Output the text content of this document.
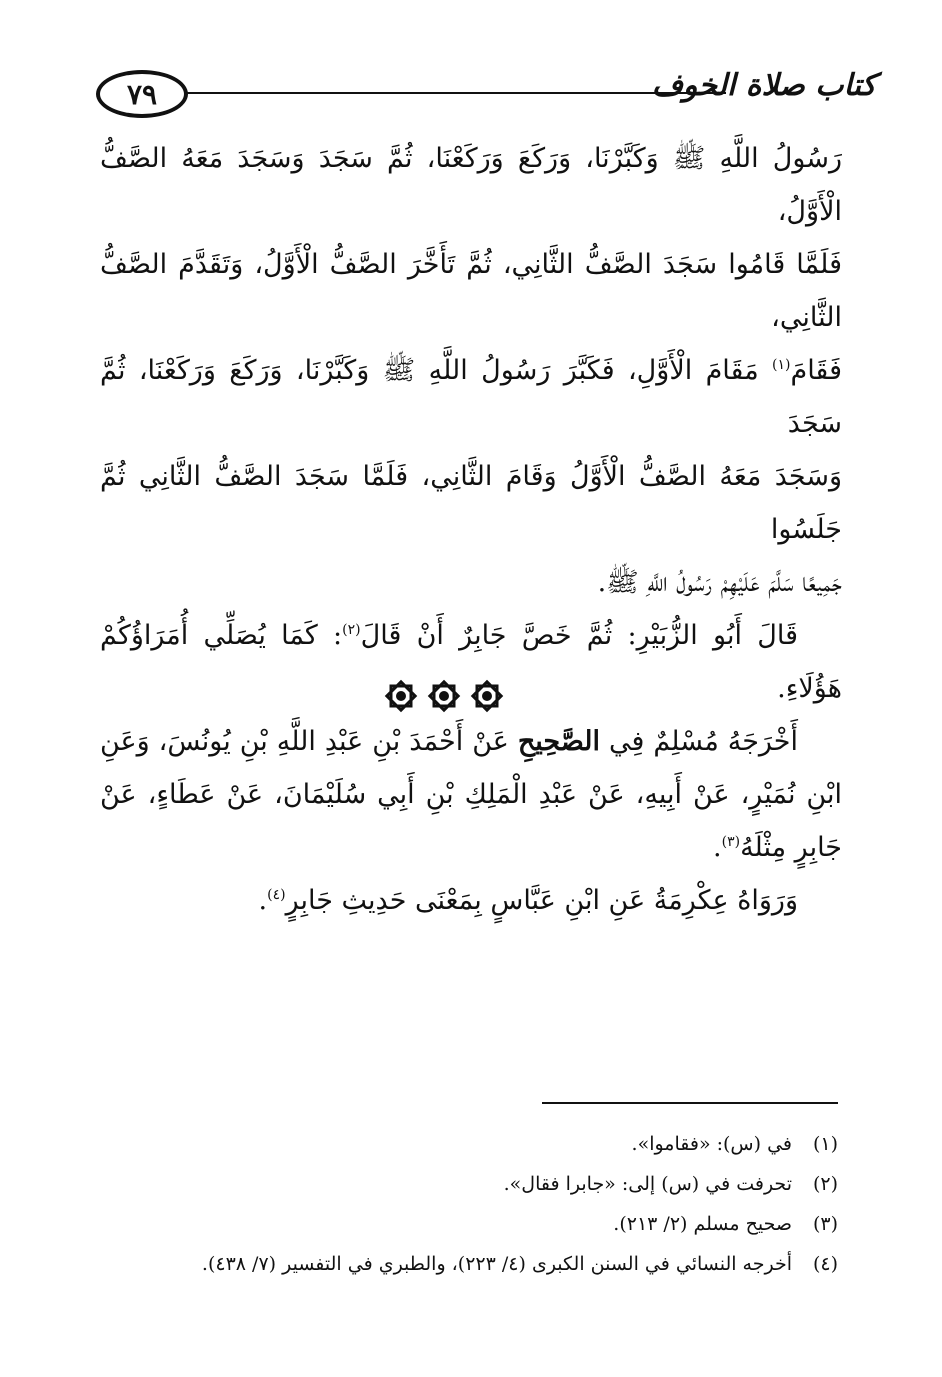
٧٩	كتاب صلاة الخوف

رَسُولُ اللَّهِ ﷺ وَكَبَّرْنَا، وَرَكَعَ وَرَكَعْنَا، ثُمَّ سَجَدَ وَسَجَدَ مَعَهُ الصَّفُّ الْأَوَّلُ،

فَلَمَّا قَامُوا سَجَدَ الصَّفُّ الثَّانِي، ثُمَّ تَأَخَّرَ الصَّفُّ الْأَوَّلُ، وَتَقَدَّمَ الصَّفُّ الثَّانِي،

فَقَامَ$^{(١)}$ مَقَامَ الْأَوَّلِ، فَكَبَّرَ رَسُولُ اللَّهِ ﷺ وَكَبَّرْنَا، وَرَكَعَ وَرَكَعْنَا، ثُمَّ سَجَدَ

وَسَجَدَ مَعَهُ الصَّفُّ الْأَوَّلُ وَقَامَ الثَّانِي، فَلَمَّا سَجَدَ الصَّفُّ الثَّانِي ثُمَّ جَلَسُوا

جَمِيعًا سَلَّمَ عَلَيْهِمْ رَسُولُ اللَّهِ ﷺ.

قَالَ أَبُو الزُّبَيْرِ: ثُمَّ خَصَّ جَابِرٌ أَنْ قَالَ$^{(٢)}$: كَمَا يُصَلِّي أُمَرَاؤُكُمْ هَؤُلَاءِ.

أَخْرَجَهُ مُسْلِمٌ فِي الصَّحِيحِ عَنْ أَحْمَدَ بْنِ عَبْدِ اللَّهِ بْنِ يُونُسَ، وَعَنِ ابْنِ نُمَيْرٍ، عَنْ أَبِيهِ، عَنْ عَبْدِ الْمَلِكِ بْنِ أَبِي سُلَيْمَانَ، عَنْ عَطَاءٍ، عَنْ جَابِرٍ مِثْلَهُ$^{(٣)}$.

وَرَوَاهُ عِكْرِمَةُ عَنِ ابْنِ عَبَّاسٍ بِمَعْنَى حَدِيثِ جَابِرٍ$^{(٤)}$.

(١)
في (س): «فقاموا».
(٢)
تحرفت في (س) إلى: «جابرا فقال».
(٣)
صحيح مسلم (٢/ ٢١٣).
(٤)
أخرجه النسائي في السنن الكبرى (٤/ ٢٢٣)، والطبري في التفسير (٧/ ٤٣٨).
